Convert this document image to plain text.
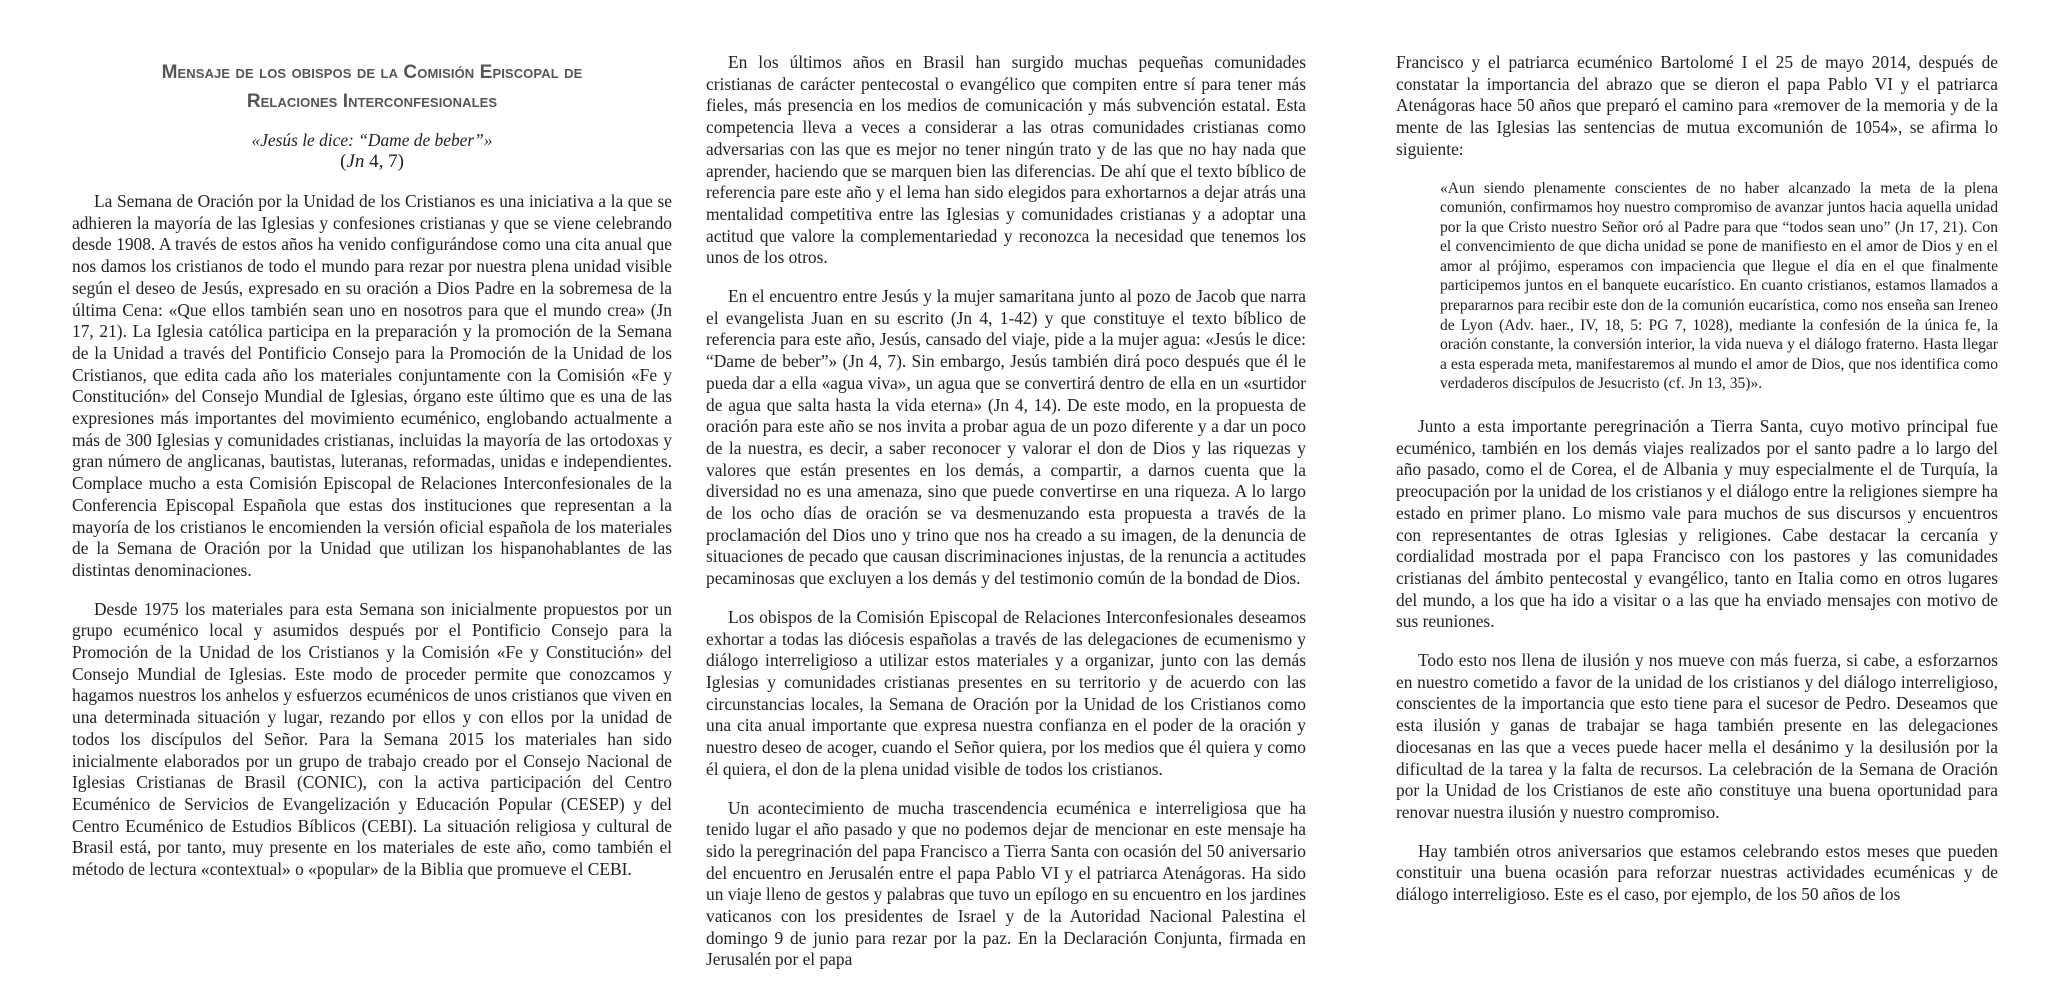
Mensaje de los obispos de la Comisión Episcopal de
Relaciones Interconfesionales
«Jesús le dice: “Dame de beber”»
(Jn 4, 7)

La Semana de Oración por la Unidad de los Cristianos es una iniciativa a la que se adhieren la mayoría de las Iglesias y confesiones cristianas y que se viene celebrando desde 1908. A través de estos años ha venido configurándose como una cita anual que nos damos los cristianos de todo el mundo para rezar por nuestra plena unidad visible según el deseo de Jesús, expresado en su oración a Dios Padre en la sobremesa de la última Cena: «Que ellos también sean uno en nosotros para que el mundo crea» (Jn 17, 21). La Iglesia católica participa en la preparación y la promoción de la Semana de la Unidad a través del Pontificio Consejo para la Promoción de la Unidad de los Cristianos, que edita cada año los materiales conjuntamente con la Comisión «Fe y Constitución» del Consejo Mundial de Iglesias, órgano este último que es una de las expresiones más importantes del movimiento ecuménico, englobando actualmente a más de 300 Iglesias y comunidades cristianas, incluidas la mayoría de las ortodoxas y gran número de anglicanas, bautistas, luteranas, reformadas, unidas e independientes. Complace mucho a esta Comisión Episcopal de Relaciones Interconfesionales de la Conferencia Episcopal Española que estas dos instituciones que representan a la mayoría de los cristianos le encomienden la versión oficial española de los materiales de la Semana de Oración por la Unidad que utilizan los hispanohablantes de las distintas denominaciones.

Desde 1975 los materiales para esta Semana son inicialmente propuestos por un grupo ecuménico local y asumidos después por el Pontificio Consejo para la Promoción de la Unidad de los Cristianos y la Comisión «Fe y Constitución» del Consejo Mundial de Iglesias. Este modo de proceder permite que conozcamos y hagamos nuestros los anhelos y esfuerzos ecuménicos de unos cristianos que viven en una determinada situación y lugar, rezando por ellos y con ellos por la unidad de todos los discípulos del Señor. Para la Semana 2015 los materiales han sido inicialmente elaborados por un grupo de trabajo creado por el Consejo Nacional de Iglesias Cristianas de Brasil (CONIC), con la activa participación del Centro Ecuménico de Servicios de Evangelización y Educación Popular (CESEP) y del Centro Ecuménico de Estudios Bíblicos (CEBI). La situación religiosa y cultural de Brasil está, por tanto, muy presente en los materiales de este año, como también el método de lectura «contextual» o «popular» de la Biblia que promueve el CEBI.

En los últimos años en Brasil han surgido muchas pequeñas comunidades cristianas de carácter pentecostal o evangélico que compiten entre sí para tener más fieles, más presencia en los medios de comunicación y más subvención estatal. Esta competencia lleva a veces a considerar a las otras comunidades cristianas como adversarias con las que es mejor no tener ningún trato y de las que no hay nada que aprender, haciendo que se marquen bien las diferencias. De ahí que el texto bíblico de referencia pare este año y el lema han sido elegidos para exhortarnos a dejar atrás una mentalidad competitiva entre las Iglesias y comunidades cristianas y a adoptar una actitud que valore la complementariedad y reconozca la necesidad que tenemos los unos de los otros.

En el encuentro entre Jesús y la mujer samaritana junto al pozo de Jacob que narra el evangelista Juan en su escrito (Jn 4, 1-42) y que constituye el texto bíblico de referencia para este año, Jesús, cansado del viaje, pide a la mujer agua: «Jesús le dice: “Dame de beber”» (Jn 4, 7). Sin embargo, Jesús también dirá poco después que él le pueda dar a ella «agua viva», un agua que se convertirá dentro de ella en un «surtidor de agua que salta hasta la vida eterna» (Jn 4, 14). De este modo, en la propuesta de oración para este año se nos invita a probar agua de un pozo diferente y a dar un poco de la nuestra, es decir, a saber reconocer y valorar el don de Dios y las riquezas y valores que están presentes en los demás, a compartir, a darnos cuenta que la diversidad no es una amenaza, sino que puede convertirse en una riqueza. A lo largo de los ocho días de oración se va desmenuzando esta propuesta a través de la proclamación del Dios uno y trino que nos ha creado a su imagen, de la denuncia de situaciones de pecado que causan discriminaciones injustas, de la renuncia a actitudes pecaminosas que excluyen a los demás y del testimonio común de la bondad de Dios.

Los obispos de la Comisión Episcopal de Relaciones Interconfesionales deseamos exhortar a todas las diócesis españolas a través de las delegaciones de ecumenismo y diálogo interreligioso a utilizar estos materiales y a organizar, junto con las demás Iglesias y comunidades cristianas presentes en su territorio y de acuerdo con las circunstancias locales, la Semana de Oración por la Unidad de los Cristianos como una cita anual importante que expresa nuestra confianza en el poder de la oración y nuestro deseo de acoger, cuando el Señor quiera, por los medios que él quiera y como él quiera, el don de la plena unidad visible de todos los cristianos.

Un acontecimiento de mucha trascendencia ecuménica e interreligiosa que ha tenido lugar el año pasado y que no podemos dejar de mencionar en este mensaje ha sido la peregrinación del papa Francisco a Tierra Santa con ocasión del 50 aniversario del encuentro en Jerusalén entre el papa Pablo VI y el patriarca Atenágoras. Ha sido un viaje lleno de gestos y palabras que tuvo un epílogo en su encuentro en los jardines vaticanos con los presidentes de Israel y de la Autoridad Nacional Palestina el domingo 9 de junio para rezar por la paz. En la Declaración Conjunta, firmada en Jerusalén por el papa

Francisco y el patriarca ecuménico Bartolomé I el 25 de mayo 2014, después de constatar la importancia del abrazo que se dieron el papa Pablo VI y el patriarca Atenágoras hace 50 años que preparó el camino para «remover de la memoria y de la mente de las Iglesias las sentencias de mutua excomunión de 1054», se afirma lo siguiente:

«Aun siendo plenamente conscientes de no haber alcanzado la meta de la plena comunión, confirmamos hoy nuestro compromiso de avanzar juntos hacia aquella unidad por la que Cristo nuestro Señor oró al Padre para que “todos sean uno” (Jn 17, 21). Con el convencimiento de que dicha unidad se pone de manifiesto en el amor de Dios y en el amor al prójimo, esperamos con impaciencia que llegue el día en el que finalmente participemos juntos en el banquete eucarístico. En cuanto cristianos, estamos llamados a prepararnos para recibir este don de la comunión eucarística, como nos enseña san Ireneo de Lyon (Adv. haer., IV, 18, 5: PG 7, 1028), mediante la confesión de la única fe, la oración constante, la conversión interior, la vida nueva y el diálogo fraterno. Hasta llegar a esta esperada meta, manifestaremos al mundo el amor de Dios, que nos identifica como verdaderos discípulos de Jesucristo (cf. Jn 13, 35)».

Junto a esta importante peregrinación a Tierra Santa, cuyo motivo principal fue ecuménico, también en los demás viajes realizados por el santo padre a lo largo del año pasado, como el de Corea, el de Albania y muy especialmente el de Turquía, la preocupación por la unidad de los cristianos y el diálogo entre la religiones siempre ha estado en primer plano. Lo mismo vale para muchos de sus discursos y encuentros con representantes de otras Iglesias y religiones. Cabe destacar la cercanía y cordialidad mostrada por el papa Francisco con los pastores y las comunidades cristianas del ámbito pentecostal y evangélico, tanto en Italia como en otros lugares del mundo, a los que ha ido a visitar o a las que ha enviado mensajes con motivo de sus reuniones.

Todo esto nos llena de ilusión y nos mueve con más fuerza, si cabe, a esforzarnos en nuestro cometido a favor de la unidad de los cristianos y del diálogo interreligioso, conscientes de la importancia que esto tiene para el sucesor de Pedro. Deseamos que esta ilusión y ganas de trabajar se haga también presente en las delegaciones diocesanas en las que a veces puede hacer mella el desánimo y la desilusión por la dificultad de la tarea y la falta de recursos. La celebración de la Semana de Oración por la Unidad de los Cristianos de este año constituye una buena oportunidad para renovar nuestra ilusión y nuestro compromiso.

Hay también otros aniversarios que estamos celebrando estos meses que pueden constituir una buena ocasión para reforzar nuestras actividades ecuménicas y de diálogo interreligioso. Este es el caso, por ejemplo, de los 50 años de los
